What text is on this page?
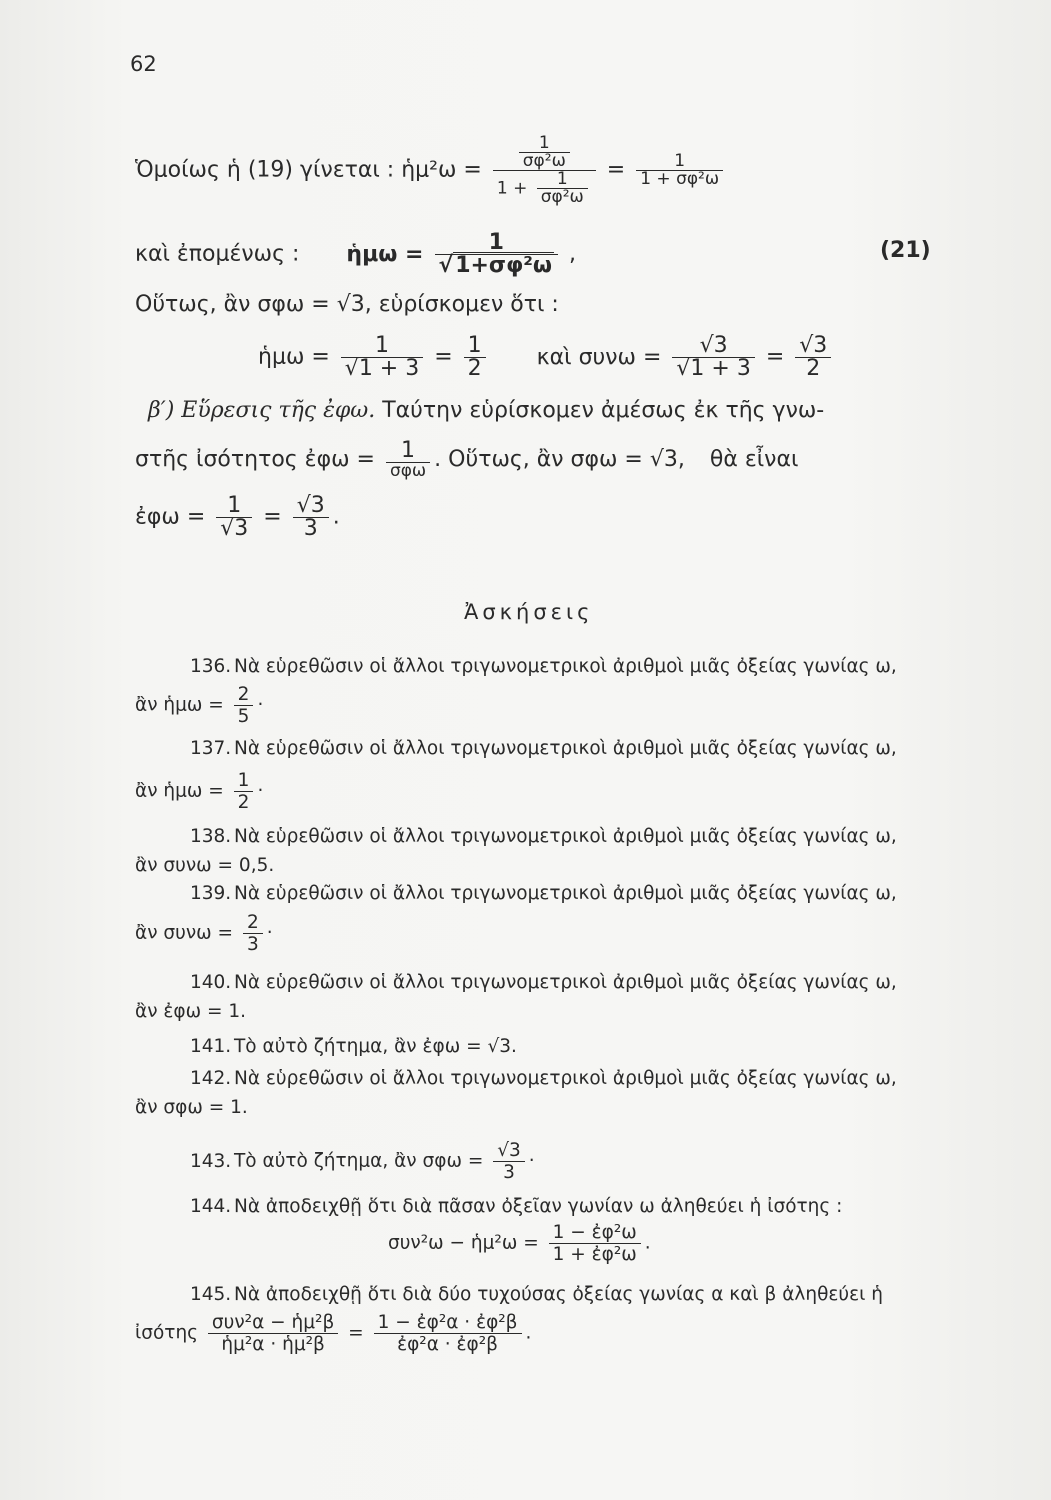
62
Ὁμοίως ἡ (19) γίνεται : ἡμ²ω = $\frac{\frac{1}{\text{σφ²ω}}}{1 + \frac{1}{\text{σφ²ω}}} = \frac{1}{\text{1 + σφ²ω}}$
καὶ ἐπομένως : ἡμω = $\frac{1}{\text{√1+σφ²ω}}$ ,	(21)
Οὕτως, ἂν σφω = √3, εὑρίσκομεν ὅτι :
ἡμω = $\frac{1}{√1 + 3} = \frac{1}{2}$ καὶ $\sigma\upsilon\nu\omega = \frac{√3}{√1 + 3} = \frac{√3}{2}$
β′) Εὕρεσις τῆς ἐφω. Ταύτην εὑρίσκομεν ἀμέσως ἐκ τῆς γνω-
στῆς ἰσότητος ἐφω = $\frac{1}{\text{σφω}}$ . Οὕτως, ἂν σφω = √3, θὰ εἶναι
ἐφω = $\frac{1}{√3} = \frac{√3}{3}$ .
Ἀσκήσεις
136. Νὰ εὑρεθῶσιν οἱ ἄλλοι τριγωνομετρικοὶ ἀριθμοὶ μιᾶς ὀξείας γωνίας ω,
ἂν ἡμω = $\frac{2}{5}$ ·
137. Νὰ εὑρεθῶσιν οἱ ἄλλοι τριγωνομετρικοὶ ἀριθμοὶ μιᾶς ὀξείας γωνίας ω,
ἂν ἡμω = $\frac{1}{2}$ ·
138. Νὰ εὑρεθῶσιν οἱ ἄλλοι τριγωνομετρικοὶ ἀριθμοὶ μιᾶς ὀξείας γωνίας ω,
ἂν συνω = 0,5.
139. Νὰ εὑρεθῶσιν οἱ ἄλλοι τριγωνομετρικοὶ ἀριθμοὶ μιᾶς ὀξείας γωνίας ω,
ἂν $\sigma\upsilon\nu\omega = \frac{2}{3}$ ·
140. Νὰ εὑρεθῶσιν οἱ ἄλλοι τριγωνομετρικοὶ ἀριθμοὶ μιᾶς ὀξείας γωνίας ω,
ἂν ἐφω = 1.
141. Τὸ αὐτὸ ζήτημα, ἂν ἐφω = √3.
142. Νὰ εὑρεθῶσιν οἱ ἄλλοι τριγωνομετρικοὶ ἀριθμοὶ μιᾶς ὀξείας γωνίας ω,
ἂν σφω = 1.
143. Τὸ αὐτὸ ζήτημα, ἂν $\sigma\varphi\omega = \frac{√3}{3}$ ·
144. Νὰ ἀποδειχθῇ ὅτι διὰ πᾶσαν ὀξεῖαν γωνίαν ω ἀληθεύει ἡ ἰσότης :
συν²ω − ἡμ²ω = $\frac{\text{1 − ἐφ²ω}}{\text{1 + ἐφ²ω}}$ .
145. Νὰ ἀποδειχθῇ ὅτι διὰ δύο τυχούσας ὀξείας γωνίας α καὶ β ἀληθεύει ἡ
ἰσότης $\frac{\text{συν²α − ἡμ²β}}{\text{ἡμ²α · ἡμ²β}} = \frac{\text{1 − ἐφ²α · ἐφ²β}}{\text{ἐφ²α · ἐφ²β}}$ .
